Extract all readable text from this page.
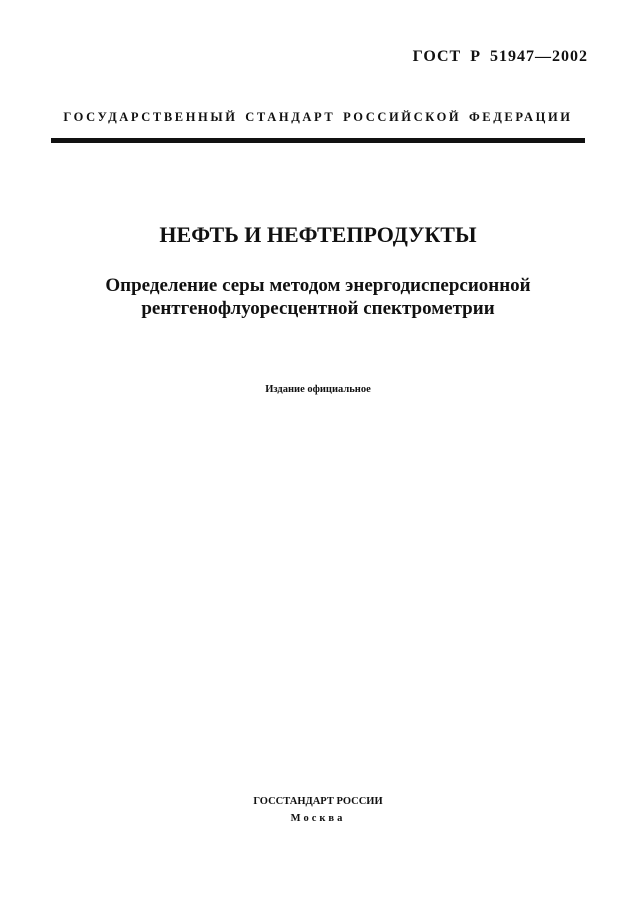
ГОСТ Р 51947—2002
ГОСУДАРСТВЕННЫЙ СТАНДАРТ РОССИЙСКОЙ ФЕДЕРАЦИИ
НЕФТЬ И НЕФТЕПРОДУКТЫ
Определение серы методом энергодисперсионной
рентгенофлуоресцентной спектрометрии
Издание официальное
ГОССТАНДАРТ РОССИИ
Москва
